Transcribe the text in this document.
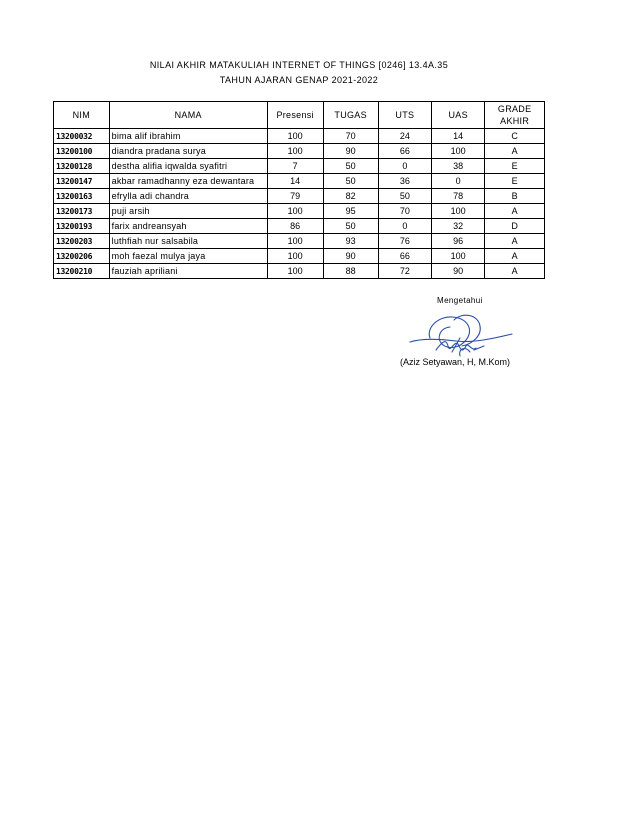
NILAI AKHIR MATAKULIAH INTERNET OF THINGS [0246] 13.4A.35
TAHUN AJARAN GENAP 2021-2022
NIM	NAMA	Presensi	TUGAS	UTS	UAS	GRADE
AKHIR
13200032	bima alif ibrahim	100	70	24	14	C
13200100	diandra pradana surya	100	90	66	100	A
13200128	destha alifia iqwalda syafitri	7	50	0	38	E
13200147	akbar ramadhanny eza dewantara	14	50	36	0	E
13200163	efrylla adi chandra	79	82	50	78	B
13200173	puji arsih	100	95	70	100	A
13200193	farix andreansyah	86	50	0	32	D
13200203	luthfiah nur salsabila	100	93	76	96	A
13200206	moh faezal mulya jaya	100	90	66	100	A
13200210	fauziah apriliani	100	88	72	90	A
Mengetahui
(Aziz Setyawan, H, M.Kom)
